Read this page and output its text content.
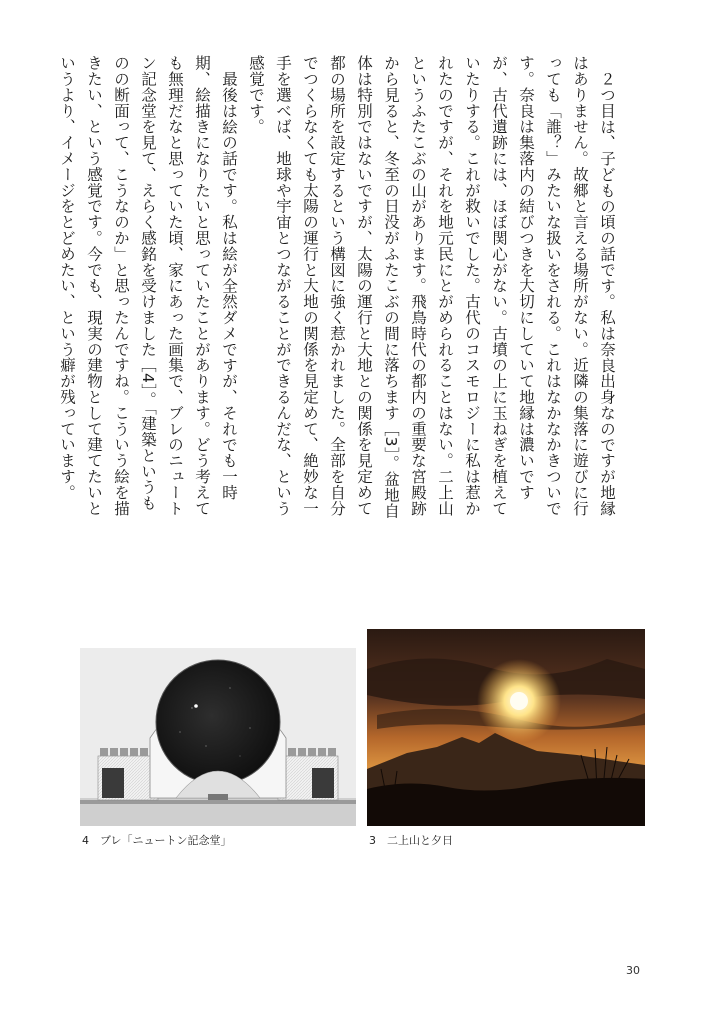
２つ目は、子どもの頃の話です。私は奈良出身なのですが地縁はありません。故郷と言える場所がない。近隣の集落に遊びに行っても「誰？」みたいな扱いをされる。これはなかなかきついです。奈良は集落内の結びつきを大切にしていて地縁は濃いですが、古代遺跡には、ほぼ関心がない。古墳の上に玉ねぎを植えていたりする。これが救いでした。古代のコスモロジーに私は惹かれたのですが、それを地元民にとがめられることはない。二上山というふたこぶの山があります。飛鳥時代の都内の重要な宮殿跡から見ると、冬至の日没がふたこぶの間に落ちます［3］。盆地自体は特別ではないですが、太陽の運行と大地との関係を見定めて都の場所を設定するという構図に強く惹かれました。全部を自分でつくらなくても太陽の運行と大地の関係を見定めて、絶妙な一手を選べば、地球や宇宙とつながることができるんだな、という感覚です。

最後は絵の話です。私は絵が全然ダメですが、それでも一時期、絵描きになりたいと思っていたことがあります。どう考えても無理だなと思っていた頃、家にあった画集で、ブレのニュートン記念堂を見て、えらく感銘を受けました［4］。「建築というものの断面って、こうなのか」と思ったんですね。こういう絵を描きたい、という感覚です。今でも、現実の建物として建てたいというより、イメージをとどめたい、という癖が残っています。

4　ブレ「ニュートン記念堂」	3　二上山と夕日
30
